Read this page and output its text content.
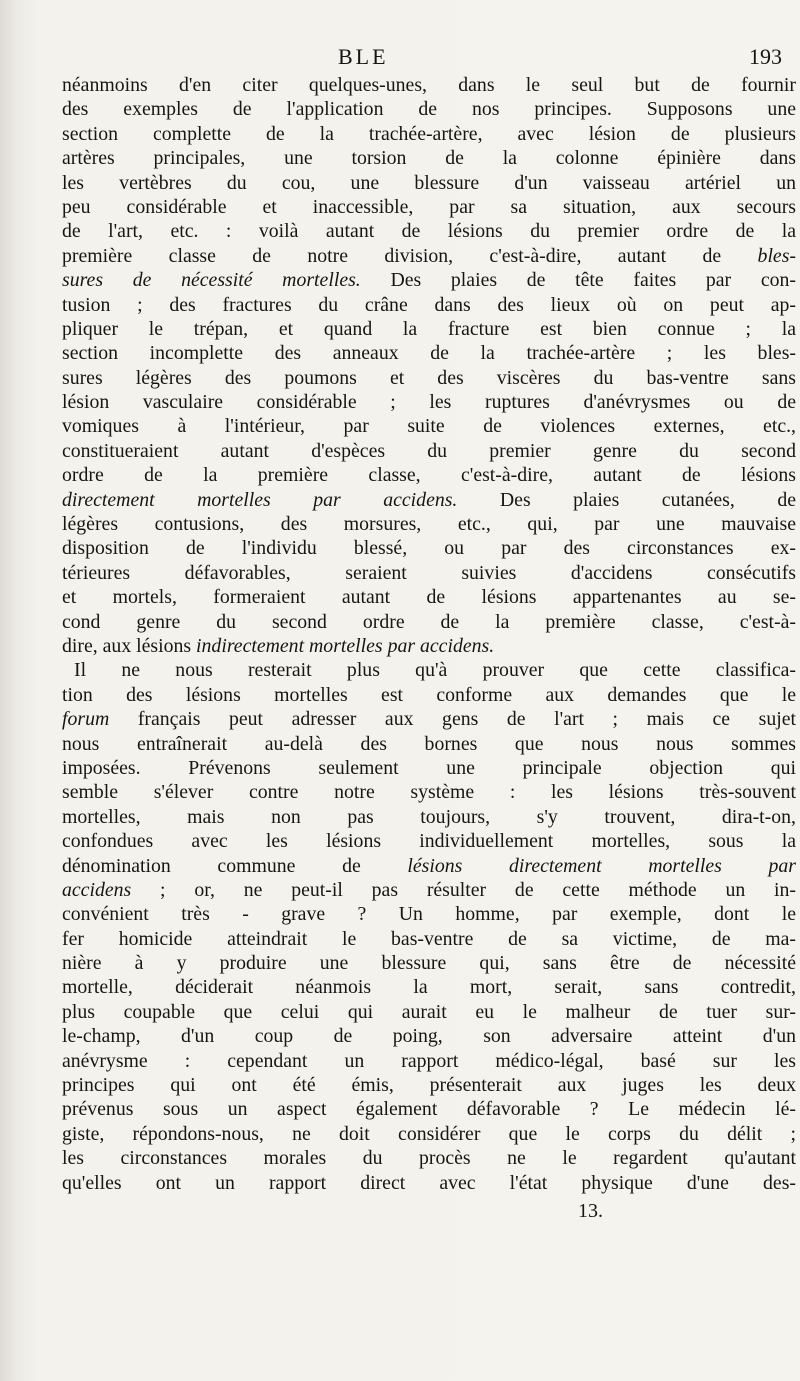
BLE	193
néanmoins d'en citer quelques-unes, dans le seul but de fournir
des exemples de l'application de nos principes. Supposons une
section complette de la trachée-artère, avec lésion de plusieurs
artères principales, une torsion de la colonne épinière dans
les vertèbres du cou, une blessure d'un vaisseau artériel un
peu considérable et inaccessible, par sa situation, aux secours
de l'art, etc. : voilà autant de lésions du premier ordre de la
première classe de notre division, c'est-à-dire, autant de bles-
sures de nécessité mortelles. Des plaies de tête faites par con-
tusion ; des fractures du crâne dans des lieux où on peut ap-
pliquer le trépan, et quand la fracture est bien connue ; la
section incomplette des anneaux de la trachée-artère ; les bles-
sures légères des poumons et des viscères du bas-ventre sans
lésion vasculaire considérable ; les ruptures d'anévrysmes ou de
vomiques à l'intérieur, par suite de violences externes, etc.,
constitueraient autant d'espèces du premier genre du second
ordre de la première classe, c'est-à-dire, autant de lésions
directement mortelles par accidens. Des plaies cutanées, de
légères contusions, des morsures, etc., qui, par une mauvaise
disposition de l'individu blessé, ou par des circonstances ex-
térieures défavorables, seraient suivies d'accidens consécutifs
et mortels, formeraient autant de lésions appartenantes au se-
cond genre du second ordre de la première classe, c'est-à-
dire, aux lésions indirectement mortelles par accidens.
Il ne nous resterait plus qu'à prouver que cette classifica-
tion des lésions mortelles est conforme aux demandes que le
forum français peut adresser aux gens de l'art ; mais ce sujet
nous entraînerait au-delà des bornes que nous nous sommes
imposées. Prévenons seulement une principale objection qui
semble s'élever contre notre système : les lésions très-souvent
mortelles, mais non pas toujours, s'y trouvent, dira-t-on,
confondues avec les lésions individuellement mortelles, sous la
dénomination commune de lésions directement mortelles par
accidens ; or, ne peut-il pas résulter de cette méthode un in-
convénient très - grave ? Un homme, par exemple, dont le
fer homicide atteindrait le bas-ventre de sa victime, de ma-
nière à y produire une blessure qui, sans être de nécessité
mortelle, déciderait néanmois la mort, serait, sans contredit,
plus coupable que celui qui aurait eu le malheur de tuer sur-
le-champ, d'un coup de poing, son adversaire atteint d'un
anévrysme : cependant un rapport médico-légal, basé sur les
principes qui ont été émis, présenterait aux juges les deux
prévenus sous un aspect également défavorable ? Le médecin lé-
giste, répondons-nous, ne doit considérer que le corps du délit ;
les circonstances morales du procès ne le regardent qu'autant
qu'elles ont un rapport direct avec l'état physique d'une des-
13.
